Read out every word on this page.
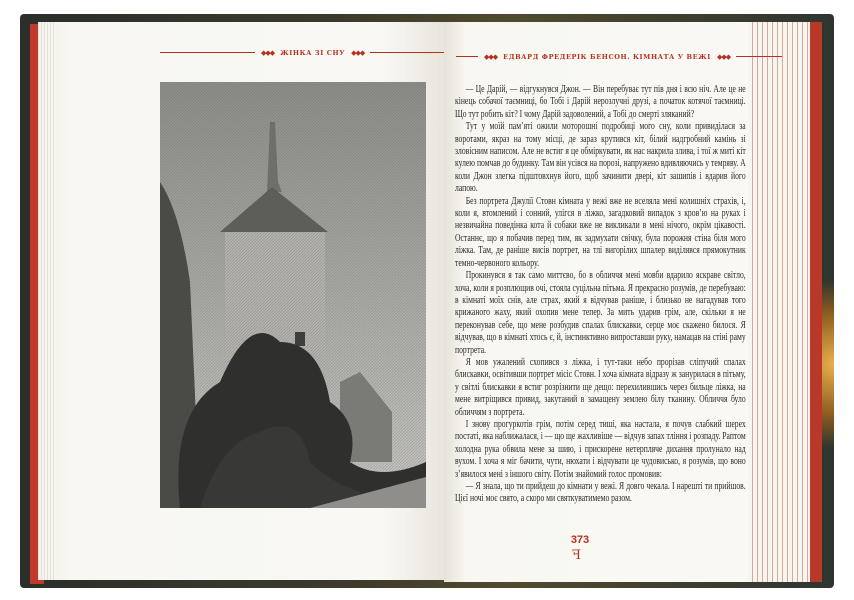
◆◆◆ ЖІНКА ЗІ СНУ ◆◆◆	◆◆◆ ЕДВАРД ФРЕДЕРІК БЕНСОН. КІМНАТА У ВЕЖІ ◆◆◆

— Це Дарій, — відгукнувся Джон. — Він перебуває тут пів дня і всю ніч. Але це не кінець собачої таємниці, бо Тобі і Дарій нерозлучні друзі, а початок котячої таємниці. Що тут робить кіт? І чому Дарій задоволений, а Тобі до смерті зляканий?

Тут у моїй пам’яті ожили моторошні подробиці мого сну, коли привиділася за воротами, якраз на тому місці, де зараз крутився кіт, білий надгробний камінь зі зловісним написом. Але не встиг я це обміркувати, як нас накрила злива, і тої ж миті кіт кулею помчав до будинку. Там він усівся на порозі, напружено вдивляючись у темряву. А коли Джон злегка підштовхнув його, щоб зачинити двері, кіт зашипів і вдарив його лапою.

Без портрета Джулії Стовн кімната у вежі вже не вселяла мені колишніх страхів, і, коли я, втомлений і сонний, улігся в ліжко, загадковий випадок з кров’ю на руках і незвичайна поведінка кота й собаки вже не викликали в мені нічого, окрім цікавості. Останнє, що я побачив перед тим, як задмухати свічку, була порожня стіна біля мого ліжка. Там, де раніше висів портрет, на тлі вигорілих шпалер виділявся прямокутник темно-червоного кольору.

Прокинувся я так само миттєво, бо в обличчя мені мовби вдарило яскраве світло, хоча, коли я розплющив очі, стояла суцільна пітьма. Я прекрасно розумів, де перебуваю: в кімнаті моїх снів, але страх, який я відчував раніше, і близько не нагадував того крижаного жаху, який охопив мене тепер. За мить ударив грім, але, скільки я не переконував себе, що мене розбудив спалах блискавки, серце моє скажено билося. Я відчував, що в кімнаті хтось є, й, інстинктивно випроставши руку, намацав на стіні раму портрета.

Я мов ужалений схопився з ліжка, і тут-таки небо прорізав сліпучий спалах блискавки, освітивши портрет місіс Стовн. І хоча кімната відразу ж занурилася в пітьму, у світлі блискавки я встиг розрізнити ще дещо: перехилившись через бильце ліжка, на мене витріщився привид, закутаний в замащену землею білу тканину. Обличчя було обличчям з портрета.

І знову прогуркотів грім, потім серед тиші, яка настала, я почув слабкий шерех постаті, яка наближалася, і — що ще жахливіше — відчув запах тління і розпаду. Раптом холодна рука обвила мене за шию, і прискорене нетерпляче дихання пролунало над вухом. І хоча я міг бачити, чути, нюхати і відчувати це чудовисько, я розумів, що воно з’явилося мені з іншого світу. Потім знайомий голос промовив:

— Я знала, що ти прийдеш до кімнати у вежі. Я довго чекала. І нарешті ти прийшов. Цієї ночі моє свято, а скоро ми святкуватимемо разом.

373
ꟻ
